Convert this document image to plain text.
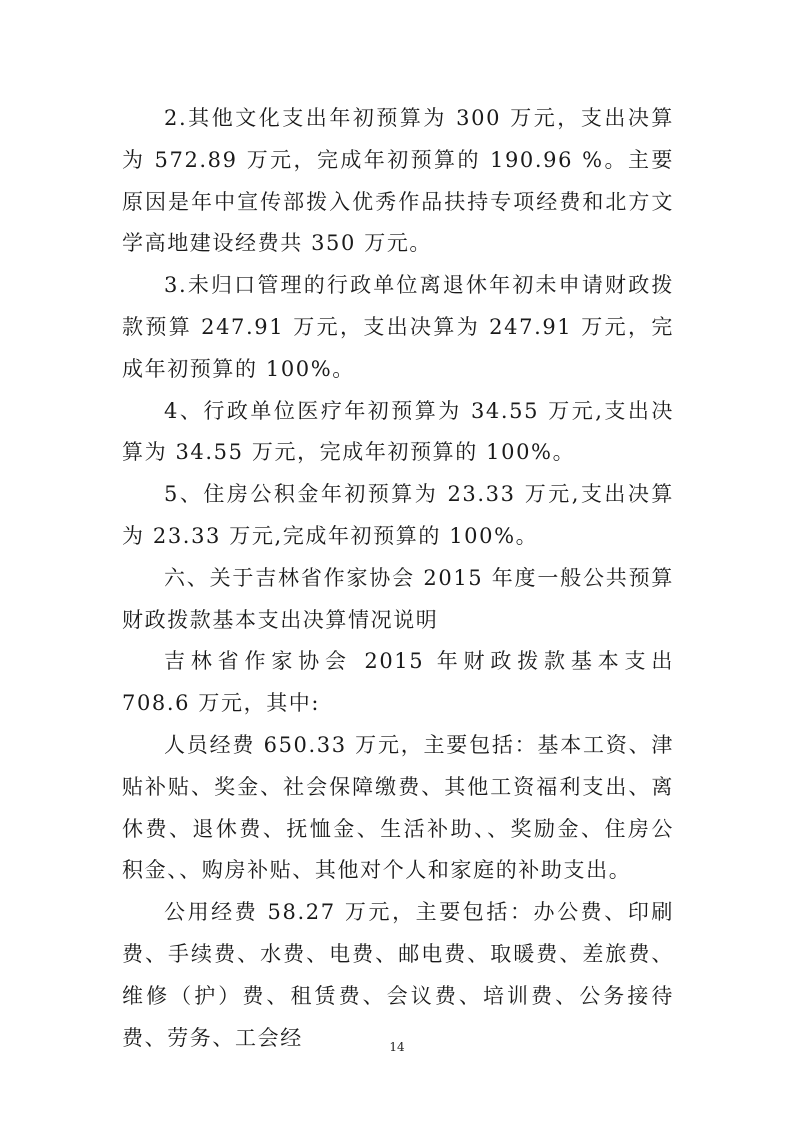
2.其他文化支出年初预算为 300 万元，支出决算为 572.89 万元，完成年初预算的 190.96 %。主要原因是年中宣传部拨入优秀作品扶持专项经费和北方文学高地建设经费共 350 万元。

3.未归口管理的行政单位离退休年初未申请财政拨款预算 247.91 万元，支出决算为 247.91 万元，完成年初预算的 100%。

4、行政单位医疗年初预算为 34.55 万元,支出决算为 34.55 万元，完成年初预算的 100%。

5、住房公积金年初预算为 23.33 万元,支出决算为 23.33 万元,完成年初预算的 100%。

六、关于吉林省作家协会 2015 年度一般公共预算财政拨款基本支出决算情况说明

吉林省作家协会 2015 年财政拨款基本支出 708.6 万元，其中:

人员经费 650.33 万元，主要包括：基本工资、津贴补贴、奖金、社会保障缴费、其他工资福利支出、离休费、退休费、抚恤金、生活补助、、奖励金、住房公积金、、购房补贴、其他对个人和家庭的补助支出。

公用经费 58.27 万元，主要包括：办公费、印刷费、手续费、水费、电费、邮电费、取暖费、差旅费、维修（护）费、租赁费、会议费、培训费、公务接待费、劳务、工会经	14
